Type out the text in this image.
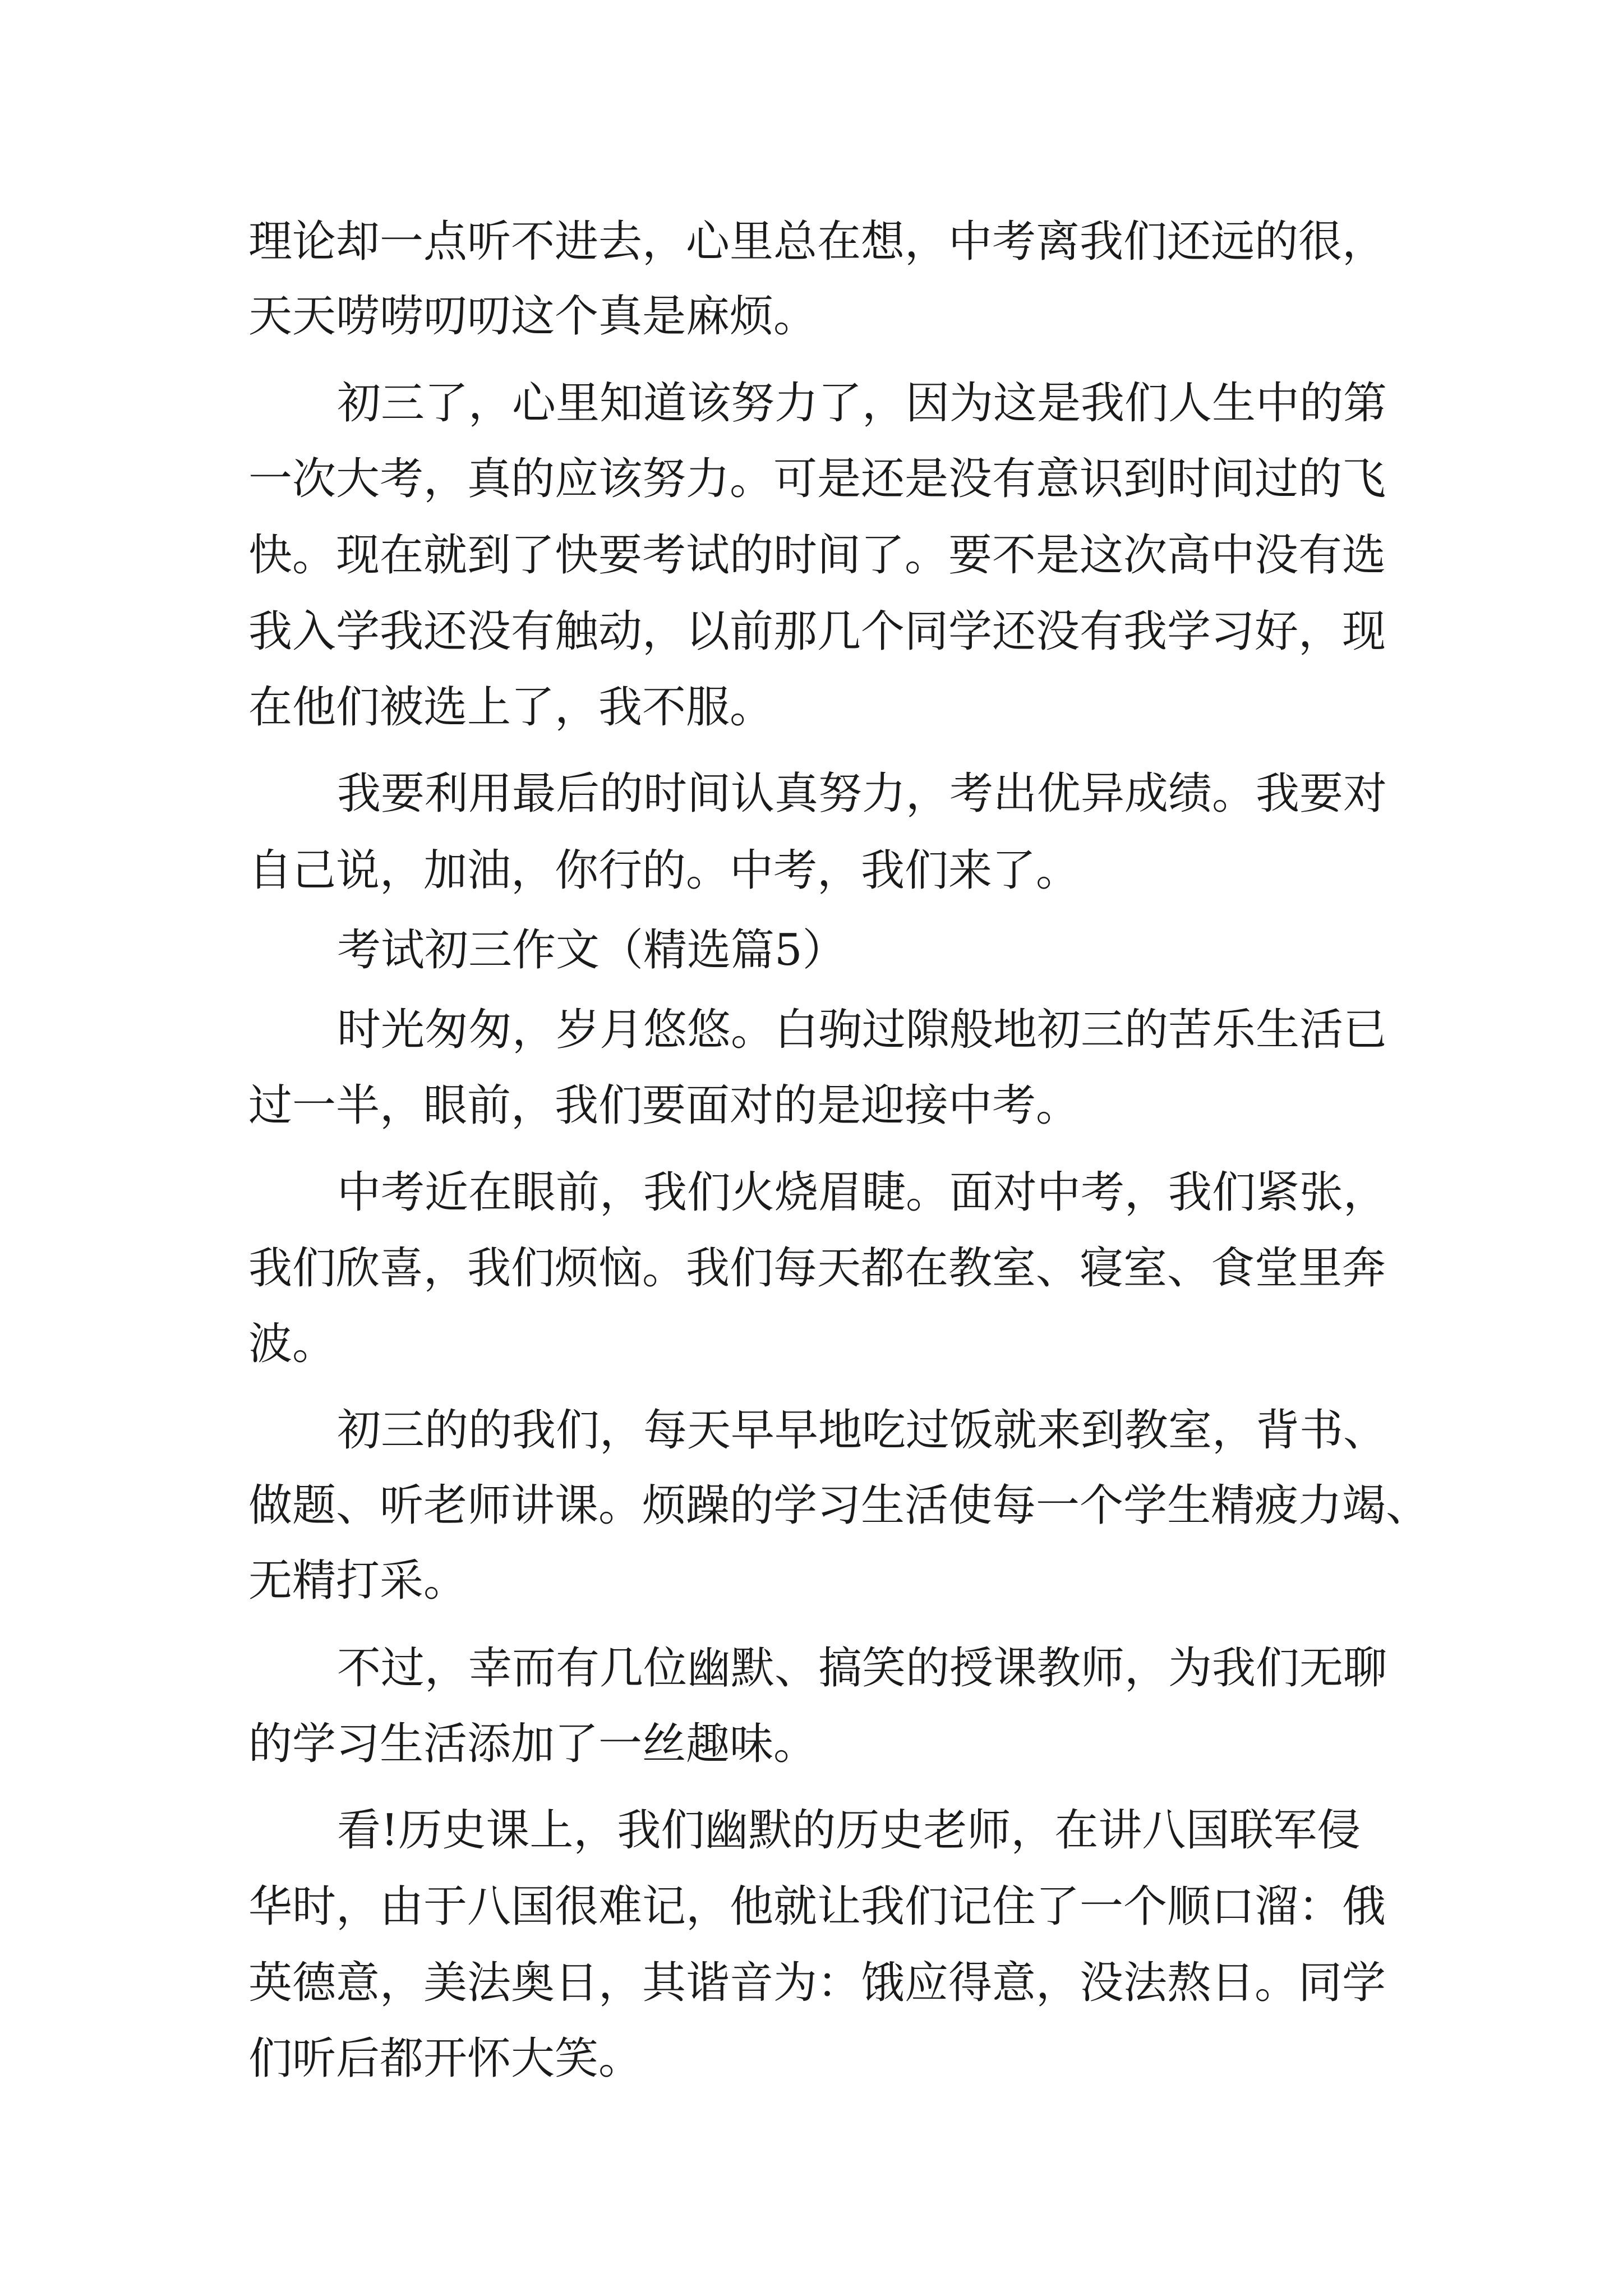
理论却一点听不进去，心里总在想，中考离我们还远的很，

天天唠唠叨叨这个真是麻烦。

初三了，心里知道该努力了，因为这是我们人生中的第

一次大考，真的应该努力。可是还是没有意识到时间过的飞

快。现在就到了快要考试的时间了。要不是这次高中没有选

我入学我还没有触动，以前那几个同学还没有我学习好，现

在他们被选上了，我不服。

我要利用最后的时间认真努力，考出优异成绩。我要对

自己说，加油，你行的。中考，我们来了。

考试初三作文（精选篇5）

时光匆匆，岁月悠悠。白驹过隙般地初三的苦乐生活已

过一半，眼前，我们要面对的是迎接中考。

中考近在眼前，我们火烧眉睫。面对中考，我们紧张，

我们欣喜，我们烦恼。我们每天都在教室、寝室、食堂里奔

波。

初三的的我们，每天早早地吃过饭就来到教室，背书、

做题、听老师讲课。烦躁的学习生活使每一个学生精疲力竭、

无精打采。

不过，幸而有几位幽默、搞笑的授课教师，为我们无聊

的学习生活添加了一丝趣味。

看!历史课上，我们幽默的历史老师，在讲八国联军侵

华时，由于八国很难记，他就让我们记住了一个顺口溜：俄

英德意，美法奥日，其谐音为：饿应得意，没法熬日。同学

们听后都开怀大笑。
